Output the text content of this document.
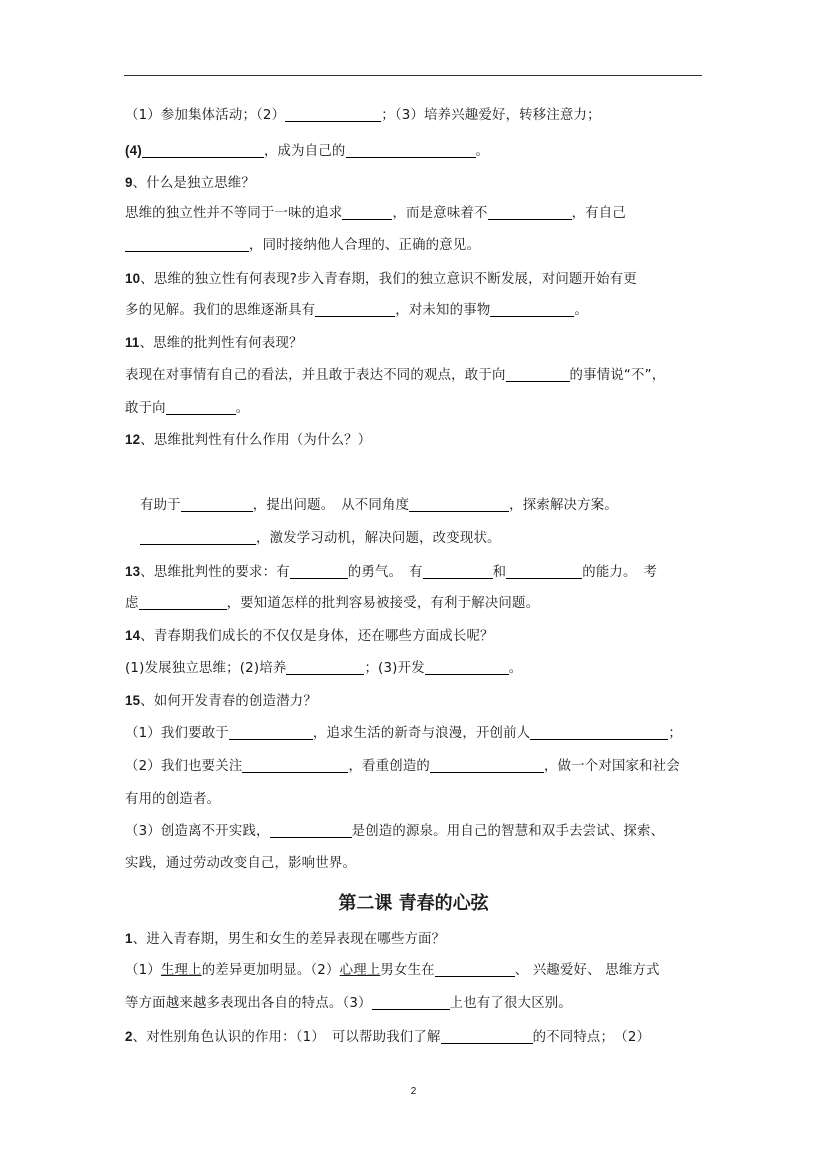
（1）参加集体活动；（2）	；（3）培养兴趣爱好，转移注意力；
(4)	，成为自己的	。
9、什么是独立思维？
思维的独立性并不等同于一味的追求	，而是意味着不	，有自己
，同时接纳他人合理的、正确的意见。
10、思维的独立性有何表现?步入青春期，我们的独立意识不断发展，对问题开始有更
多的见解。我们的思维逐渐具有	，对未知的事物	。
11、思维的批判性有何表现？
表现在对事情有自己的看法，并且敢于表达不同的观点，敢于向	的事情说“不”，
敢于向	。
12、思维批判性有什么作用（为什么？）
有助于	，提出问题。　从不同角度	，探索解决方案。
，激发学习动机，解决问题，改变现状。
13、思维批判性的要求：有	的勇气。　有	和	的能力。　考
虑	，要知道怎样的批判容易被接受，有利于解决问题。
14、青春期我们成长的不仅仅是身体，还在哪些方面成长呢？
(1)发展独立思维；(2)培养	；(3)开发	。
15、如何开发青春的创造潜力？
（1）我们要敢于	，追求生活的新奇与浪漫，开创前人	；
（2）我们也要关注	，看重创造的	，做一个对国家和社会
有用的创造者。
（3）创造离不开实践，	是创造的源泉。用自己的智慧和双手去尝试、探索、
实践，通过劳动改变自己，影响世界。
第二课 青春的心弦
1、进入青春期，男生和女生的差异表现在哪些方面？
（1）生理上的差异更加明显。（2）心理上男女生在	、 兴趣爱好、 思维方式
等方面越来越多表现出各自的特点。（3）	上也有了很大区别。
2、对性别角色认识的作用：（1）　可以帮助我们了解	的不同特点；　（2）
2
